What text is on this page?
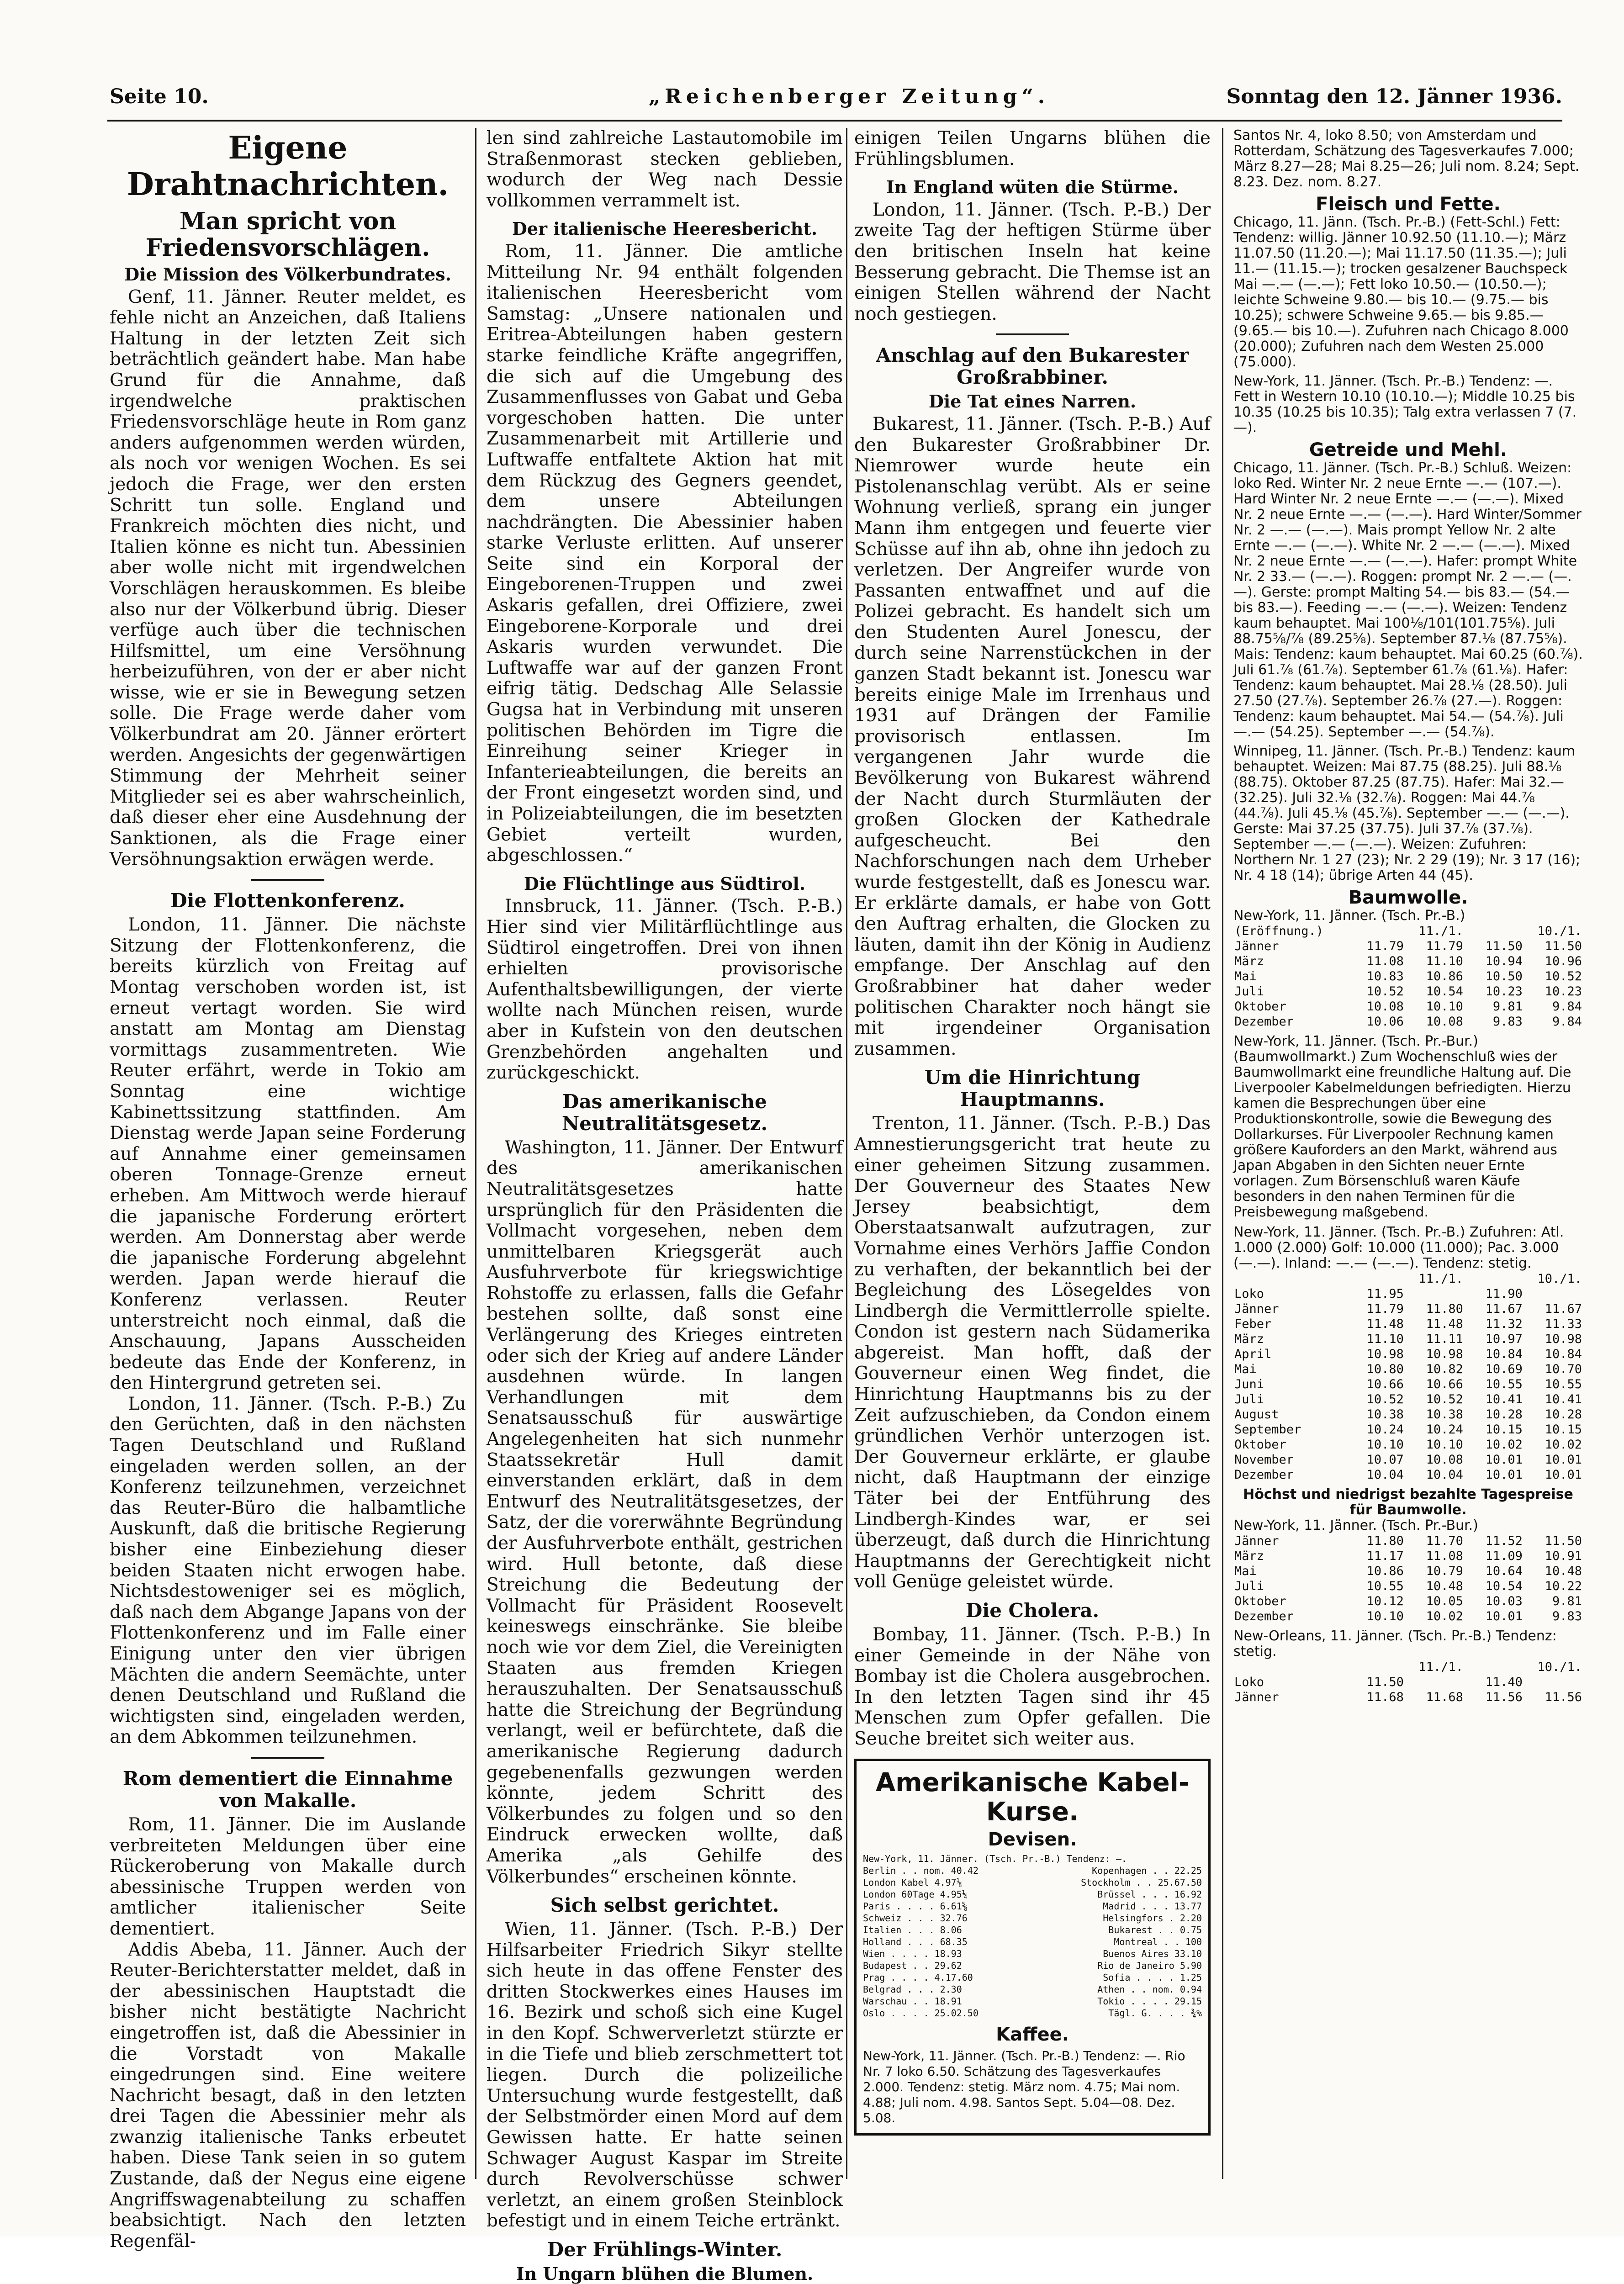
Seite 10.	„Reichenberger Zeitung“.	Sonntag den 12. Jänner 1936.
Eigene Drahtnachrichten.
Man spricht von Friedensvorschlägen.
Die Mission des Völkerbundrates.

Genf, 11. Jänner. Reuter meldet, es fehle nicht an Anzeichen, daß Italiens Haltung in der letzten Zeit sich beträchtlich geändert habe. Man habe Grund für die Annahme, daß irgendwelche praktischen Friedensvorschläge heute in Rom ganz anders aufgenommen werden würden, als noch vor wenigen Wochen. Es sei jedoch die Frage, wer den ersten Schritt tun solle. England und Frankreich möchten dies nicht, und Italien könne es nicht tun. Abessinien aber wolle nicht mit irgendwelchen Vorschlägen herauskommen. Es bleibe also nur der Völkerbund übrig. Dieser verfüge auch über die technischen Hilfsmittel, um eine Versöhnung herbeizuführen, von der er aber nicht wisse, wie er sie in Bewegung setzen solle. Die Frage werde daher vom Völkerbundrat am 20. Jänner erörtert werden. Angesichts der gegenwärtigen Stimmung der Mehrheit seiner Mitglieder sei es aber wahrscheinlich, daß dieser eher eine Ausdehnung der Sanktionen, als die Frage einer Versöhnungsaktion erwägen werde.

Die Flottenkonferenz.

London, 11. Jänner. Die nächste Sitzung der Flottenkonferenz, die bereits kürzlich von Freitag auf Montag verschoben worden ist, ist erneut vertagt worden. Sie wird anstatt am Montag am Dienstag vormittags zusammentreten. Wie Reuter erfährt, werde in Tokio am Sonntag eine wichtige Kabinettssitzung stattfinden. Am Dienstag werde Japan seine Forderung auf Annahme einer gemeinsamen oberen Tonnage-Grenze erneut erheben. Am Mittwoch werde hierauf die japanische Forderung erörtert werden. Am Donnerstag aber werde die japanische Forderung abgelehnt werden. Japan werde hierauf die Konferenz verlassen. Reuter unterstreicht noch einmal, daß die Anschauung, Japans Ausscheiden bedeute das Ende der Konferenz, in den Hintergrund getreten sei.

London, 11. Jänner. (Tsch. P.-B.) Zu den Gerüchten, daß in den nächsten Tagen Deutschland und Rußland eingeladen werden sollen, an der Konferenz teilzunehmen, verzeichnet das Reuter-Büro die halbamtliche Auskunft, daß die britische Regierung bisher eine Einbeziehung dieser beiden Staaten nicht erwogen habe. Nichtsdestoweniger sei es möglich, daß nach dem Abgange Japans von der Flottenkonferenz und im Falle einer Einigung unter den vier übrigen Mächten die andern Seemächte, unter denen Deutschland und Rußland die wichtigsten sind, eingeladen werden, an dem Abkommen teilzunehmen.

Rom dementiert die Einnahme von Makalle.

Rom, 11. Jänner. Die im Auslande verbreiteten Meldungen über eine Rückeroberung von Makalle durch abessinische Truppen werden von amtlicher italienischer Seite dementiert.

Addis Abeba, 11. Jänner. Auch der Reuter-Berichterstatter meldet, daß in der abessinischen Hauptstadt die bisher nicht bestätigte Nachricht eingetroffen ist, daß die Abessinier in die Vorstadt von Makalle eingedrungen sind. Eine weitere Nachricht besagt, daß in den letzten drei Tagen die Abessinier mehr als zwanzig italienische Tanks erbeutet haben. Diese Tank seien in so gutem Zustande, daß der Negus eine eigene Angriffswagenabteilung zu schaffen beabsichtigt. Nach den letzten Regenfäl-

len sind zahlreiche Lastautomobile im Straßenmorast stecken geblieben, wodurch der Weg nach Dessie vollkommen verrammelt ist.

Der italienische Heeresbericht.

Rom, 11. Jänner. Die amtliche Mitteilung Nr. 94 enthält folgenden italienischen Heeresbericht vom Samstag: „Unsere nationalen und Eritrea-Abteilungen haben gestern starke feindliche Kräfte angegriffen, die sich auf die Umgebung des Zusammenflusses von Gabat und Geba vorgeschoben hatten. Die unter Zusammenarbeit mit Artillerie und Luftwaffe entfaltete Aktion hat mit dem Rückzug des Gegners geendet, dem unsere Abteilungen nachdrängten. Die Abessinier haben starke Verluste erlitten. Auf unserer Seite sind ein Korporal der Eingeborenen-Truppen und zwei Askaris gefallen, drei Offiziere, zwei Eingeborene-Korporale und drei Askaris wurden verwundet. Die Luftwaffe war auf der ganzen Front eifrig tätig. Dedschag Alle Selassie Gugsa hat in Verbindung mit unseren politischen Behörden im Tigre die Einreihung seiner Krieger in Infanterieabteilungen, die bereits an der Front eingesetzt worden sind, und in Polizeiabteilungen, die im besetzten Gebiet verteilt wurden, abgeschlossen.“

Die Flüchtlinge aus Südtirol.

Innsbruck, 11. Jänner. (Tsch. P.-B.) Hier sind vier Militärflüchtlinge aus Südtirol eingetroffen. Drei von ihnen erhielten provisorische Aufenthaltsbewilligungen, der vierte wollte nach München reisen, wurde aber in Kufstein von den deutschen Grenzbehörden angehalten und zurückgeschickt.

Das amerikanische Neutralitätsgesetz.

Washington, 11. Jänner. Der Entwurf des amerikanischen Neutralitätsgesetzes hatte ursprünglich für den Präsidenten die Vollmacht vorgesehen, neben dem unmittelbaren Kriegsgerät auch Ausfuhrverbote für kriegswichtige Rohstoffe zu erlassen, falls die Gefahr bestehen sollte, daß sonst eine Verlängerung des Krieges eintreten oder sich der Krieg auf andere Länder ausdehnen würde. In langen Verhandlungen mit dem Senatsausschuß für auswärtige Angelegenheiten hat sich nunmehr Staatssekretär Hull damit einverstanden erklärt, daß in dem Entwurf des Neutralitätsgesetzes, der Satz, der die vorerwähnte Begründung der Ausfuhrverbote enthält, gestrichen wird. Hull betonte, daß diese Streichung die Bedeutung der Vollmacht für Präsident Roosevelt keineswegs einschränke. Sie bleibe noch wie vor dem Ziel, die Vereinigten Staaten aus fremden Kriegen herauszuhalten. Der Senatsausschuß hatte die Streichung der Begründung verlangt, weil er befürchtete, daß die amerikanische Regierung dadurch gegebenenfalls gezwungen werden könnte, jedem Schritt des Völkerbundes zu folgen und so den Eindruck erwecken wollte, daß Amerika „als Gehilfe des Völkerbundes“ erscheinen könnte.

Sich selbst gerichtet.

Wien, 11. Jänner. (Tsch. P.-B.) Der Hilfsarbeiter Friedrich Sikyr stellte sich heute in das offene Fenster des dritten Stockwerkes eines Hauses im 16. Bezirk und schoß sich eine Kugel in den Kopf. Schwerverletzt stürzte er in die Tiefe und blieb zerschmettert tot liegen. Durch die polizeiliche Untersuchung wurde festgestellt, daß der Selbstmörder einen Mord auf dem Gewissen hatte. Er hatte seinen Schwager August Kaspar im Streite durch Revolverschüsse schwer verletzt, an einem großen Steinblock befestigt und in einem Teiche ertränkt.

Der Frühlings-Winter.
In Ungarn blühen die Blumen.

einigen Teilen Ungarns blühen die Frühlingsblumen.

In England wüten die Stürme.

London, 11. Jänner. (Tsch. P.-B.) Der zweite Tag der heftigen Stürme über den britischen Inseln hat keine Besserung gebracht. Die Themse ist an einigen Stellen während der Nacht noch gestiegen.

Anschlag auf den Bukarester Großrabbiner.
Die Tat eines Narren.

Bukarest, 11. Jänner. (Tsch. P.-B.) Auf den Bukarester Großrabbiner Dr. Niemrower wurde heute ein Pistolenanschlag verübt. Als er seine Wohnung verließ, sprang ein junger Mann ihm entgegen und feuerte vier Schüsse auf ihn ab, ohne ihn jedoch zu verletzen. Der Angreifer wurde von Passanten entwaffnet und auf die Polizei gebracht. Es handelt sich um den Studenten Aurel Jonescu, der durch seine Narrenstückchen in der ganzen Stadt bekannt ist. Jonescu war bereits einige Male im Irrenhaus und 1931 auf Drängen der Familie provisorisch entlassen. Im vergangenen Jahr wurde die Bevölkerung von Bukarest während der Nacht durch Sturmläuten der großen Glocken der Kathedrale aufgescheucht. Bei den Nachforschungen nach dem Urheber wurde festgestellt, daß es Jonescu war. Er erklärte damals, er habe von Gott den Auftrag erhalten, die Glocken zu läuten, damit ihn der König in Audienz empfange. Der Anschlag auf den Großrabbiner hat daher weder politischen Charakter noch hängt sie mit irgendeiner Organisation zusammen.

Um die Hinrichtung Hauptmanns.

Trenton, 11. Jänner. (Tsch. P.-B.) Das Amnestierungsgericht trat heute zu einer geheimen Sitzung zusammen. Der Gouverneur des Staates New Jersey beabsichtigt, dem Oberstaatsanwalt aufzutragen, zur Vornahme eines Verhörs Jaffie Condon zu verhaften, der bekanntlich bei der Begleichung des Lösegeldes von Lindbergh die Vermittlerrolle spielte. Condon ist gestern nach Südamerika abgereist. Man hofft, daß der Gouverneur einen Weg findet, die Hinrichtung Hauptmanns bis zu der Zeit aufzuschieben, da Condon einem gründlichen Verhör unterzogen ist. Der Gouverneur erklärte, er glaube nicht, daß Hauptmann der einzige Täter bei der Entführung des Lindbergh-Kindes war, er sei überzeugt, daß durch die Hinrichtung Hauptmanns der Gerechtigkeit nicht voll Genüge geleistet würde.

Die Cholera.

Bombay, 11. Jänner. (Tsch. P.-B.) In einer Gemeinde in der Nähe von Bombay ist die Cholera ausgebrochen. In den letzten Tagen sind ihr 45 Menschen zum Opfer gefallen. Die Seuche breitet sich weiter aus.

Amerikanische Kabel-Kurse.
Devisen.
New-York, 11. Jänner. (Tsch. Pr.-B.) Tendenz: —.
Berlin . . nom. 40.42	Kopenhagen . . 22.25
London Kabel 4.97⅛	Stockholm . . 25.67.50
London 60Tage 4.95¼	Brüssel . . . 16.92
Paris . . . . 6.61⅝	Madrid . . . 13.77
Schweiz . . . 32.76	Helsingfors . 2.20
Italien . . . 8.06	Bukarest . . 0.75
Holland . . . 68.35	Montreal . . 100
Wien . . . . 18.93	Buenos Aires 33.10
Budapest . . 29.62	Rio de Janeiro 5.90
Prag . . . . 4.17.60	Sofia . . . . 1.25
Belgrad . . . 2.30	Athen . . nom. 0.94
Warschau . . 18.91	Tokio . . . . 29.15
Oslo . . . . 25.02.50	Tägl. G. . . . ¾%
Kaffee.
New-York, 11. Jänner. (Tsch. Pr.-B.) Tendenz: —. Rio Nr. 7 loko 6.50. Schätzung des Tagesverkaufes 2.000. Tendenz: stetig. März nom. 4.75; Mai nom. 4.88; Juli nom. 4.98. Santos Sept. 5.04—08. Dez. 5.08.

Santos Nr. 4, loko 8.50; von Amsterdam und Rotterdam, Schätzung des Tagesverkaufes 7.000; März 8.27—28; Mai 8.25—26; Juli nom. 8.24; Sept. 8.23. Dez. nom. 8.27.

Fleisch und Fette.

Chicago, 11. Jänn. (Tsch. Pr.-B.) (Fett-Schl.) Fett: Tendenz: willig. Jänner 10.92.50 (11.10.—); März 11.07.50 (11.20.—); Mai 11.17.50 (11.35.—); Juli 11.— (11.15.—); trocken gesalzener Bauchspeck Mai —.— (—.—); Fett loko 10.50.— (10.50.—); leichte Schweine 9.80.— bis 10.— (9.75.— bis 10.25); schwere Schweine 9.65.— bis 9.85.— (9.65.— bis 10.—). Zufuhren nach Chicago 8.000 (20.000); Zufuhren nach dem Westen 25.000 (75.000).

New-York, 11. Jänner. (Tsch. Pr.-B.) Tendenz: —. Fett in Western 10.10 (10.10.—); Middle 10.25 bis 10.35 (10.25 bis 10.35); Talg extra verlassen 7 (7.—).

Getreide und Mehl.

Chicago, 11. Jänner. (Tsch. Pr.-B.) Schluß. Weizen: loko Red. Winter Nr. 2 neue Ernte —.— (107.—). Hard Winter Nr. 2 neue Ernte —.— (—.—). Mixed Nr. 2 neue Ernte —.— (—.—). Hard Winter/Sommer Nr. 2 —.— (—.—). Mais prompt Yellow Nr. 2 alte Ernte —.— (—.—). White Nr. 2 —.— (—.—). Mixed Nr. 2 neue Ernte —.— (—.—). Hafer: prompt White Nr. 2 33.— (—.—). Roggen: prompt Nr. 2 —.— (—.—). Gerste: prompt Malting 54.— bis 83.— (54.— bis 83.—). Feeding —.— (—.—). Weizen: Tendenz kaum behauptet. Mai 100⅛/101(101.75⅝). Juli 88.75⅝/⅞ (89.25⅝). September 87.⅛ (87.75⅝). Mais: Tendenz: kaum behauptet. Mai 60.25 (60.⅞). Juli 61.⅞ (61.⅞). September 61.⅞ (61.⅛). Hafer: Tendenz: kaum behauptet. Mai 28.⅛ (28.50). Juli 27.50 (27.⅞). September 26.⅞ (27.—). Roggen: Tendenz: kaum behauptet. Mai 54.— (54.⅞). Juli —.— (54.25). September —.— (54.⅞).

Winnipeg, 11. Jänner. (Tsch. Pr.-B.) Tendenz: kaum behauptet. Weizen: Mai 87.75 (88.25). Juli 88.⅛ (88.75). Oktober 87.25 (87.75). Hafer: Mai 32.— (32.25). Juli 32.⅛ (32.⅞). Roggen: Mai 44.⅞ (44.⅞). Juli 45.⅛ (45.⅞). September —.— (—.—). Gerste: Mai 37.25 (37.75). Juli 37.⅞ (37.⅞). September —.— (—.—). Weizen: Zufuhren: Northern Nr. 1 27 (23); Nr. 2 29 (19); Nr. 3 17 (16); Nr. 4 18 (14); übrige Arten 44 (45).

Baumwolle.

New-York, 11. Jänner. (Tsch. Pr.-B.)

(Eröffnung.)	11./1.		10./1.	
Jänner	11.79	11.79	11.50	11.50
März	11.08	11.10	10.94	10.96
Mai	10.83	10.86	10.50	10.52
Juli	10.52	10.54	10.23	10.23
Oktober	10.08	10.10	9.81	9.84
Dezember	10.06	10.08	9.83	9.84

New-York, 11. Jänner. (Tsch. Pr.-Bur.) (Baumwollmarkt.) Zum Wochenschluß wies der Baumwollmarkt eine freundliche Haltung auf. Die Liverpooler Kabelmeldungen befriedigten. Hierzu kamen die Besprechungen über eine Produktionskontrolle, sowie die Bewegung des Dollarkurses. Für Liverpooler Rechnung kamen größere Kauforders an den Markt, während aus Japan Abgaben in den Sichten neuer Ernte vorlagen. Zum Börsenschluß waren Käufe besonders in den nahen Terminen für die Preisbewegung maßgebend.

New-York, 11. Jänner. (Tsch. Pr.-B.) Zufuhren: Atl. 1.000 (2.000) Golf: 10.000 (11.000); Pac. 3.000 (—.—). Inland: —.— (—.—). Tendenz: stetig.

	11./1.		10./1.	
Loko	11.95		11.90	
Jänner	11.79	11.80	11.67	11.67
Feber	11.48	11.48	11.32	11.33
März	11.10	11.11	10.97	10.98
April	10.98	10.98	10.84	10.84
Mai	10.80	10.82	10.69	10.70
Juni	10.66	10.66	10.55	10.55
Juli	10.52	10.52	10.41	10.41
August	10.38	10.38	10.28	10.28
September	10.24	10.24	10.15	10.15
Oktober	10.10	10.10	10.02	10.02
November	10.07	10.08	10.01	10.01
Dezember	10.04	10.04	10.01	10.01

Höchst und niedrigst bezahlte Tagespreise für Baumwolle.

New-York, 11. Jänner. (Tsch. Pr.-Bur.)

Jänner	11.80	11.70	11.52	11.50
März	11.17	11.08	11.09	10.91
Mai	10.86	10.79	10.64	10.48
Juli	10.55	10.48	10.54	10.22
Oktober	10.12	10.05	10.03	9.81
Dezember	10.10	10.02	10.01	9.83

New-Orleans, 11. Jänner. (Tsch. Pr.-B.) Tendenz: stetig.

	11./1.		10./1.	
Loko	11.50		11.40	
Jänner	11.68	11.68	11.56	11.56
